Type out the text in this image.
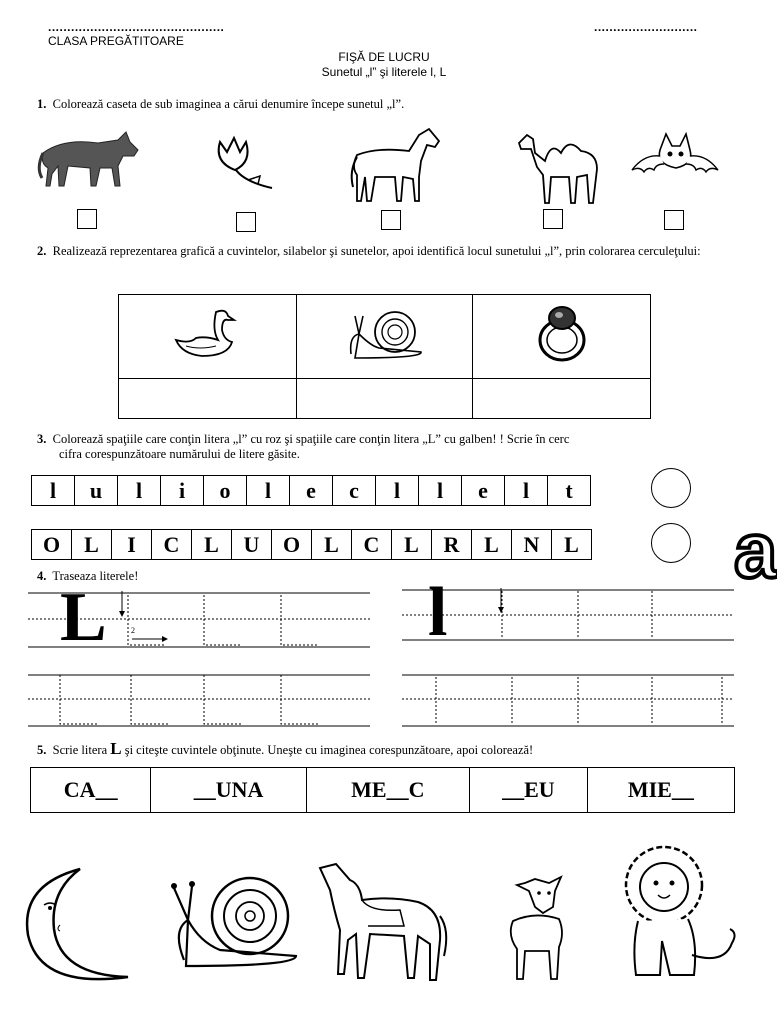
..............................................	...........................
CLASA PREGĂTITOARE
FIŞĂ DE LUCRU
Sunetul „l” şi literele l, L
1. Colorează caseta de sub imaginea a cărui denumire începe sunetul „l”.
2. Realizează reprezentarea grafică a cuvintelor, silabelor şi sunetelor, apoi identifică locul sunetului „l”, prin colorarea cerculeţului:

3. Colorează spaţiile care conţin litera „l” cu roz şi spaţiile care conţin litera „L” cu galben! ! Scrie în cerc
cifra corespunzătoare numărului de litere găsite.
l	u	l	i	o	l	e	c	l	l	e	l	t
O	L	I	C	L	U	O	L	C	L	R	L	N	L a
4. Traseaza literele!
L	2	l
5. Scrie litera L şi citeşte cuvintele obţinute. Uneşte cu imaginea corespunzătoare, apoi colorează!
CA__	__UNA	ME__C	__EU	MIE__
